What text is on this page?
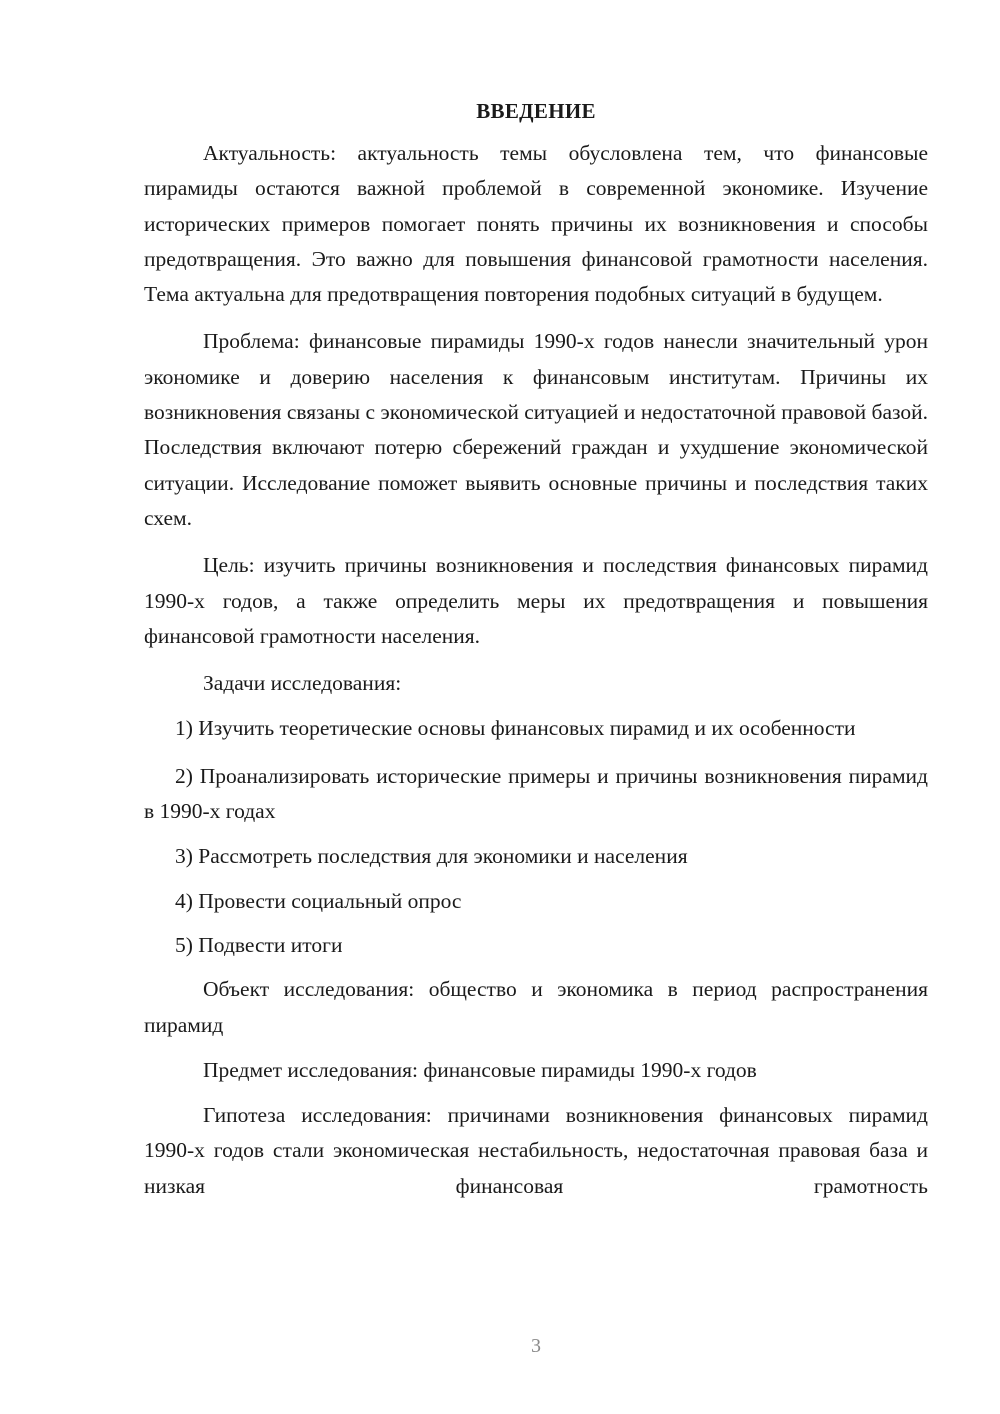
ВВЕДЕНИЕ

Актуальность: актуальность темы обусловлена тем, что финансовые пирамиды остаются важной проблемой в современной экономике. Изучение исторических примеров помогает понять причины их возникновения и способы предотвращения. Это важно для повышения финансовой грамотности населения. Тема актуальна для предотвращения повторения подобных ситуаций в будущем.

Проблема: финансовые пирамиды 1990-х годов нанесли значительный урон экономике и доверию населения к финансовым институтам. Причины их возникновения связаны с экономической ситуацией и недостаточной правовой базой. Последствия включают потерю сбережений граждан и ухудшение экономической ситуации. Исследование поможет выявить основные причины и последствия таких схем.

Цель: изучить причины возникновения и последствия финансовых пирамид 1990-х годов, а также определить меры их предотвращения и повышения финансовой грамотности населения.

Задачи исследования:

1) Изучить теоретические основы финансовых пирамид и их особенности

2) Проанализировать исторические примеры и причины возникновения пирамид в 1990-х годах

3) Рассмотреть последствия для экономики и населения

4) Провести социальный опрос

5) Подвести итоги

Объект исследования: общество и экономика в период распространения пирамид

Предмет исследования: финансовые пирамиды 1990-х годов

Гипотеза исследования: причинами возникновения финансовых пирамид 1990-х годов стали экономическая нестабильность, недостаточная правовая база и низкая финансовая грамотность

3
